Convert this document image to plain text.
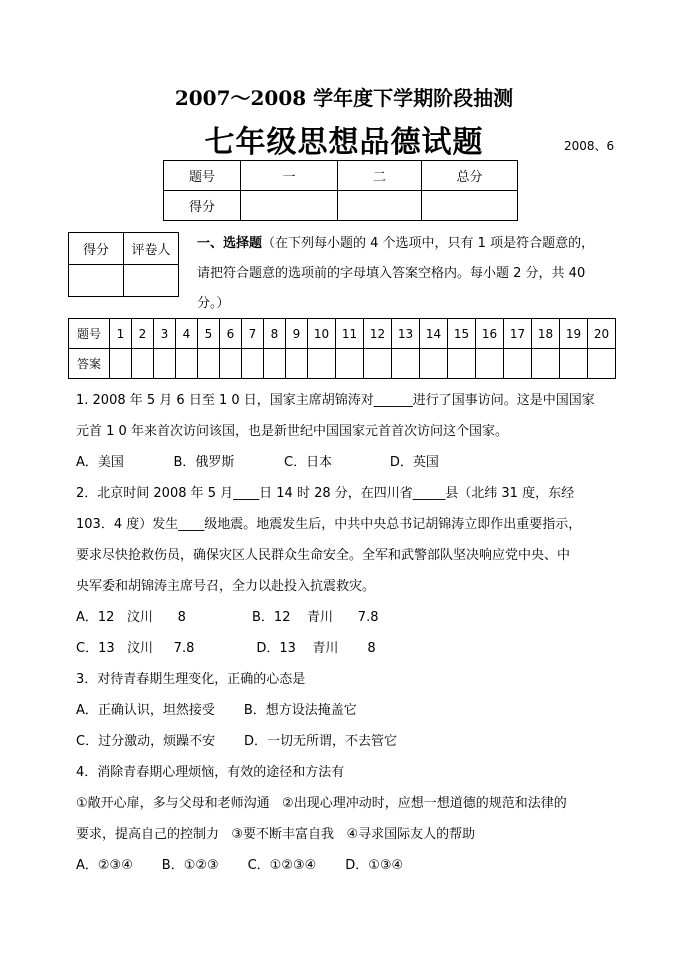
2007～2008 学年度下学期阶段抽测
七年级思想品德试题	2008、6
题号	一	二	总分
得分			
得分	评卷人
	一、选择题（在下列每小题的 4 个选项中，只有 1 项是符合题意的，
请把符合题意的选项前的字母填入答案空格内。每小题 2 分，共 40
分。）
题号	1	2	3	4	5	6	7	8	9	10	11	12	13	14	15	16	17	18	19	20
答案																				
1. 2008 年 5 月 6 日至 1 0 日，国家主席胡锦涛对______进行了国事访问。这是中国国家
元首 1 0 年来首次访问该国，也是新世纪中国国家元首首次访问这个国家。
A．美国            B．俄罗斯            C．日本              D．英国
2．北京时间 2008 年 5 月____日 14 时 28 分，在四川省_____县（北纬 31 度，东经
103．4 度）发生____级地震。地震发生后，中共中央总书记胡锦涛立即作出重要指示，
要求尽快抢救伤员，确保灾区人民群众生命安全。全军和武警部队坚决响应党中央、中
央军委和胡锦涛主席号召，全力以赴投入抗震救灾。
A．12   汶川      8                B．12    青川      7.8
C．13   汶川     7.8               D．13    青川       8
3．对待青春期生理变化，正确的心态是
A．正确认识，坦然接受       B．想方设法掩盖它
C．过分激动，烦躁不安       D．一切无所谓，不去管它
4．消除青春期心理烦恼，有效的途径和方法有
①敞开心扉，多与父母和老师沟通   ②出现心理冲动时，应想一想道德的规范和法律的
要求，提高自己的控制力   ③要不断丰富自我   ④寻求国际友人的帮助
A．②③④       B．①②③       C．①②③④       D．①③④
